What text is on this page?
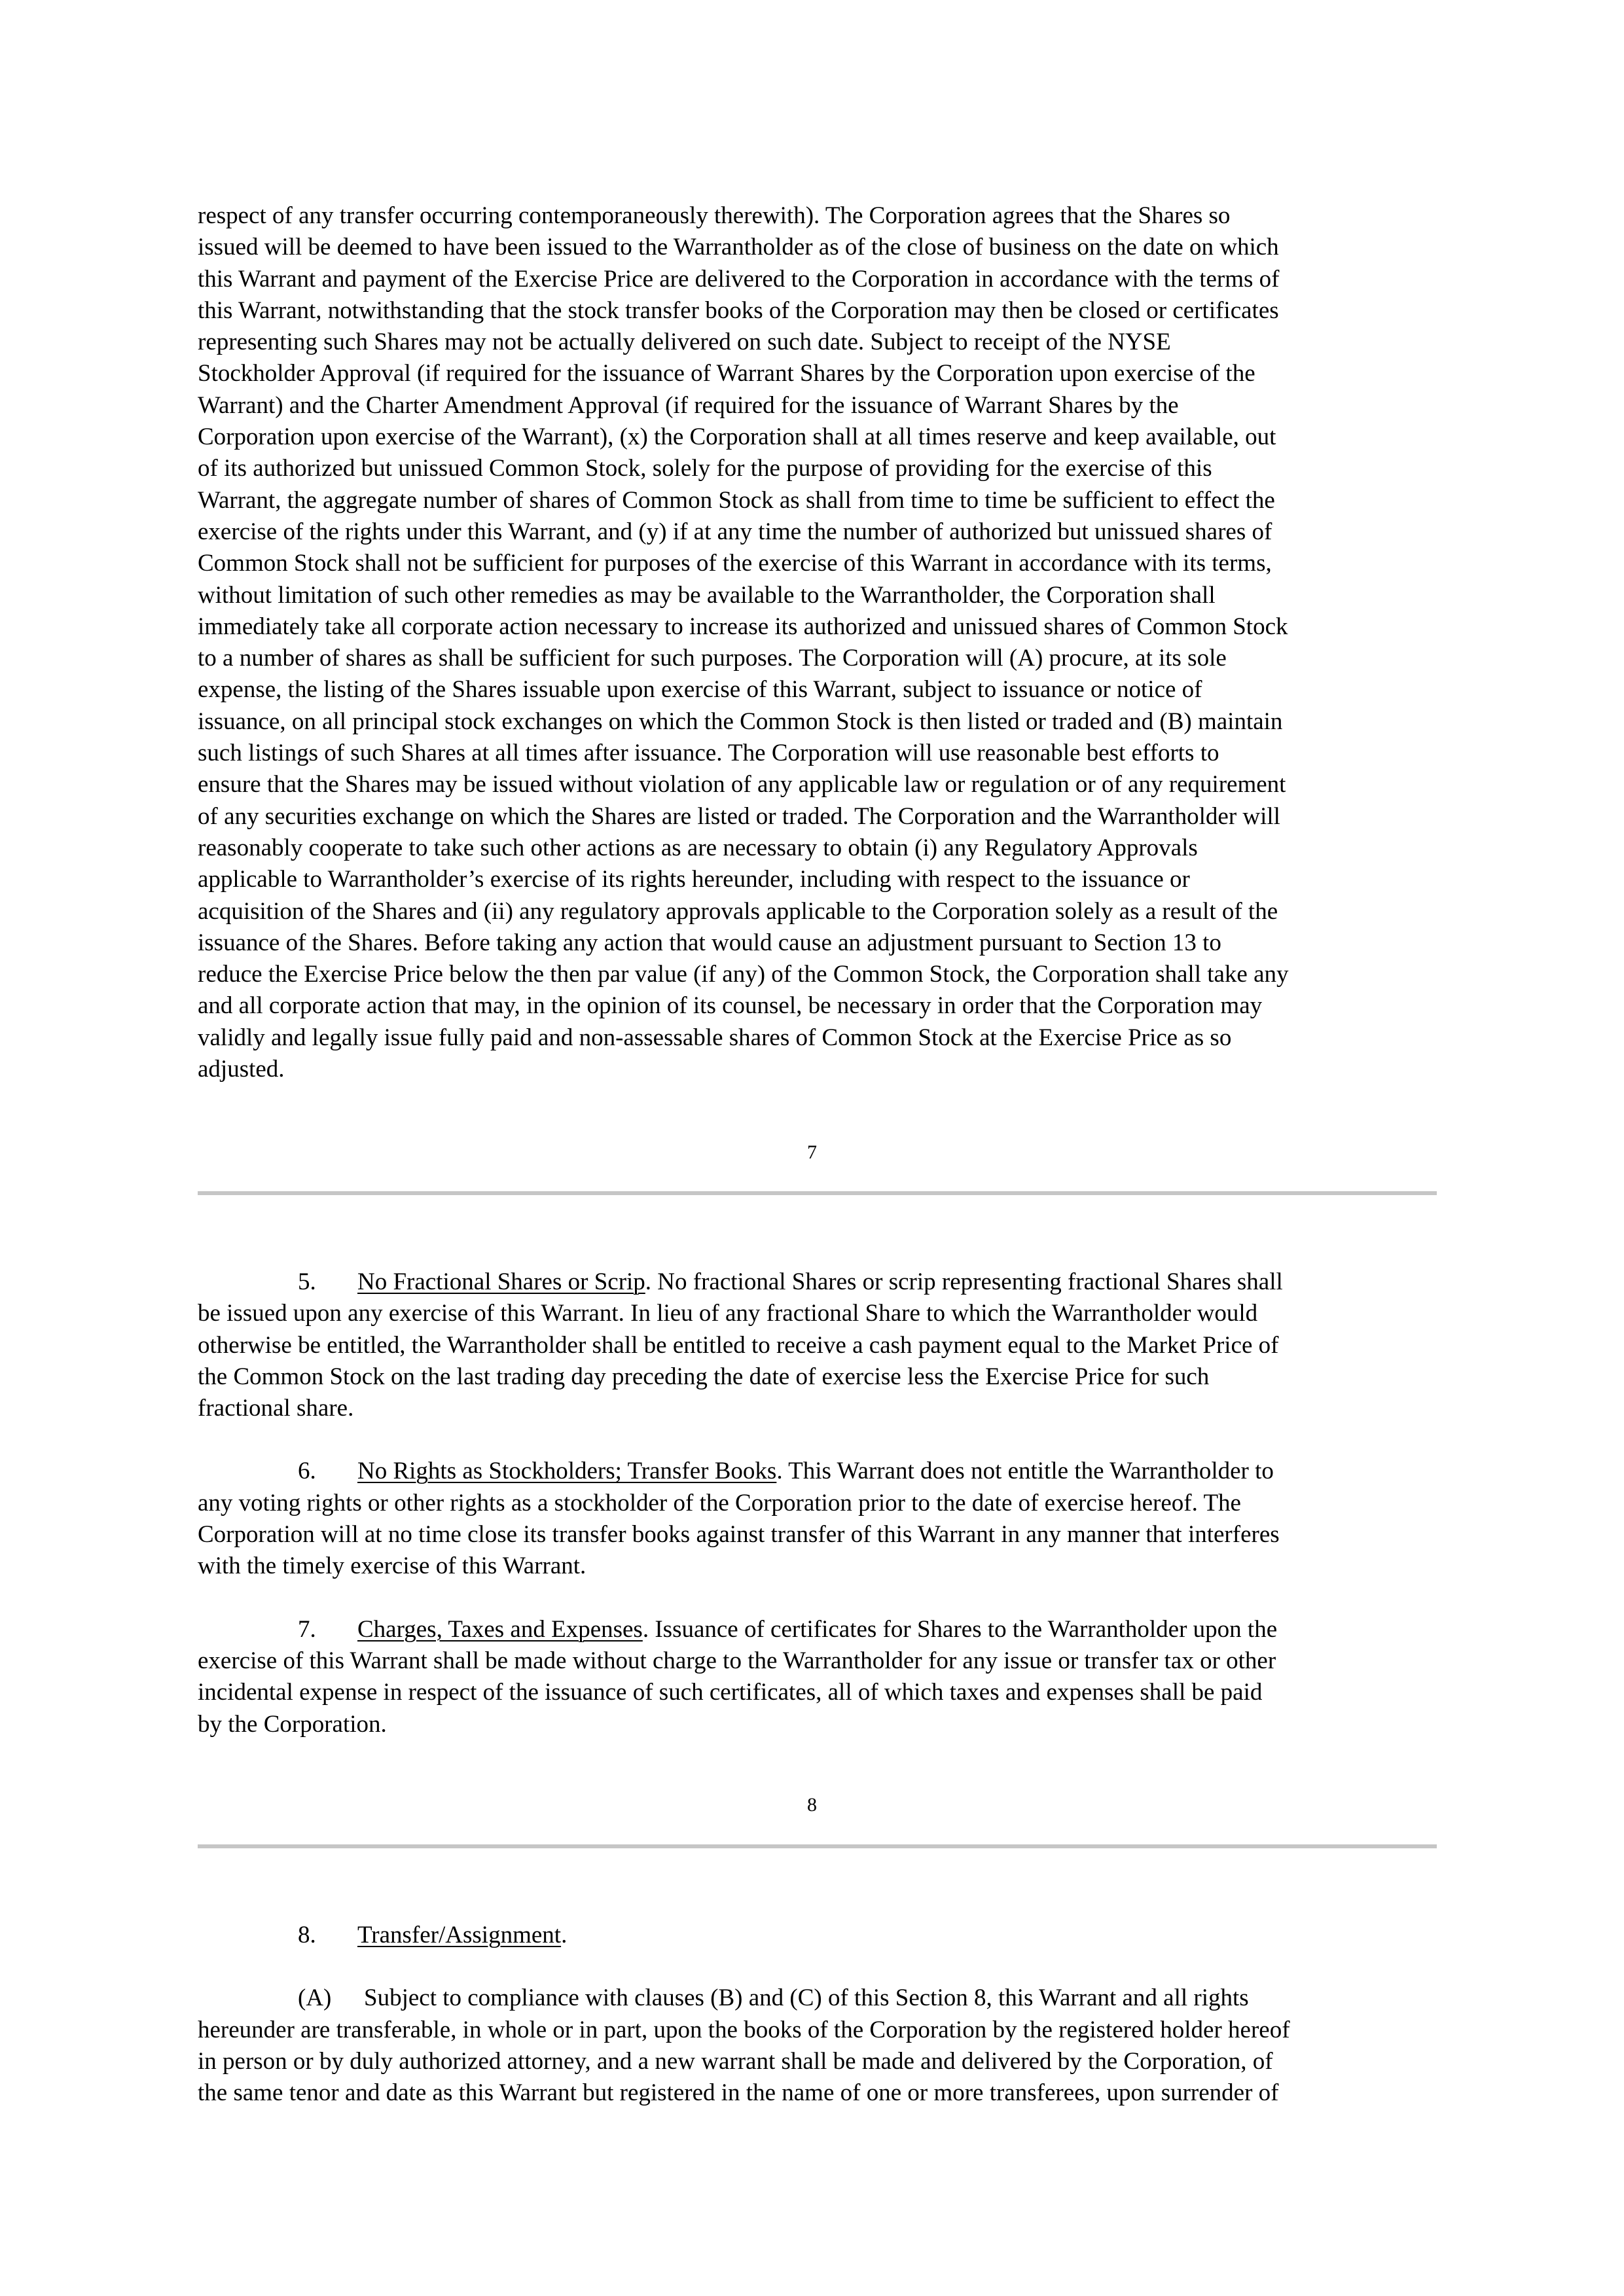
respect of any transfer occurring contemporaneously therewith). The Corporation agrees that the Shares so
issued will be deemed to have been issued to the Warrantholder as of the close of business on the date on which
this Warrant and payment of the Exercise Price are delivered to the Corporation in accordance with the terms of
this Warrant, notwithstanding that the stock transfer books of the Corporation may then be closed or certificates
representing such Shares may not be actually delivered on such date. Subject to receipt of the NYSE
Stockholder Approval (if required for the issuance of Warrant Shares by the Corporation upon exercise of the
Warrant) and the Charter Amendment Approval (if required for the issuance of Warrant Shares by the
Corporation upon exercise of the Warrant), (x) the Corporation shall at all times reserve and keep available, out
of its authorized but unissued Common Stock, solely for the purpose of providing for the exercise of this
Warrant, the aggregate number of shares of Common Stock as shall from time to time be sufficient to effect the
exercise of the rights under this Warrant, and (y) if at any time the number of authorized but unissued shares of
Common Stock shall not be sufficient for purposes of the exercise of this Warrant in accordance with its terms,
without limitation of such other remedies as may be available to the Warrantholder, the Corporation shall
immediately take all corporate action necessary to increase its authorized and unissued shares of Common Stock
to a number of shares as shall be sufficient for such purposes. The Corporation will (A) procure, at its sole
expense, the listing of the Shares issuable upon exercise of this Warrant, subject to issuance or notice of
issuance, on all principal stock exchanges on which the Common Stock is then listed or traded and (B) maintain
such listings of such Shares at all times after issuance. The Corporation will use reasonable best efforts to
ensure that the Shares may be issued without violation of any applicable law or regulation or of any requirement
of any securities exchange on which the Shares are listed or traded. The Corporation and the Warrantholder will
reasonably cooperate to take such other actions as are necessary to obtain (i) any Regulatory Approvals
applicable to Warrantholder’s exercise of its rights hereunder, including with respect to the issuance or
acquisition of the Shares and (ii) any regulatory approvals applicable to the Corporation solely as a result of the
issuance of the Shares. Before taking any action that would cause an adjustment pursuant to Section 13 to
reduce the Exercise Price below the then par value (if any) of the Common Stock, the Corporation shall take any
and all corporate action that may, in the opinion of its counsel, be necessary in order that the Corporation may
validly and legally issue fully paid and non-assessable shares of Common Stock at the Exercise Price as so
adjusted.

7

5. No Fractional Shares or Scrip. No fractional Shares or scrip representing fractional Shares shall
be issued upon any exercise of this Warrant. In lieu of any fractional Share to which the Warrantholder would
otherwise be entitled, the Warrantholder shall be entitled to receive a cash payment equal to the Market Price of
the Common Stock on the last trading day preceding the date of exercise less the Exercise Price for such
fractional share.

6. No Rights as Stockholders; Transfer Books. This Warrant does not entitle the Warrantholder to
any voting rights or other rights as a stockholder of the Corporation prior to the date of exercise hereof. The
Corporation will at no time close its transfer books against transfer of this Warrant in any manner that interferes
with the timely exercise of this Warrant.

7. Charges, Taxes and Expenses. Issuance of certificates for Shares to the Warrantholder upon the
exercise of this Warrant shall be made without charge to the Warrantholder for any issue or transfer tax or other
incidental expense in respect of the issuance of such certificates, all of which taxes and expenses shall be paid
by the Corporation.

8

8. Transfer/Assignment.

(A) Subject to compliance with clauses (B) and (C) of this Section 8, this Warrant and all rights
hereunder are transferable, in whole or in part, upon the books of the Corporation by the registered holder hereof
in person or by duly authorized attorney, and a new warrant shall be made and delivered by the Corporation, of
the same tenor and date as this Warrant but registered in the name of one or more transferees, upon surrender of
